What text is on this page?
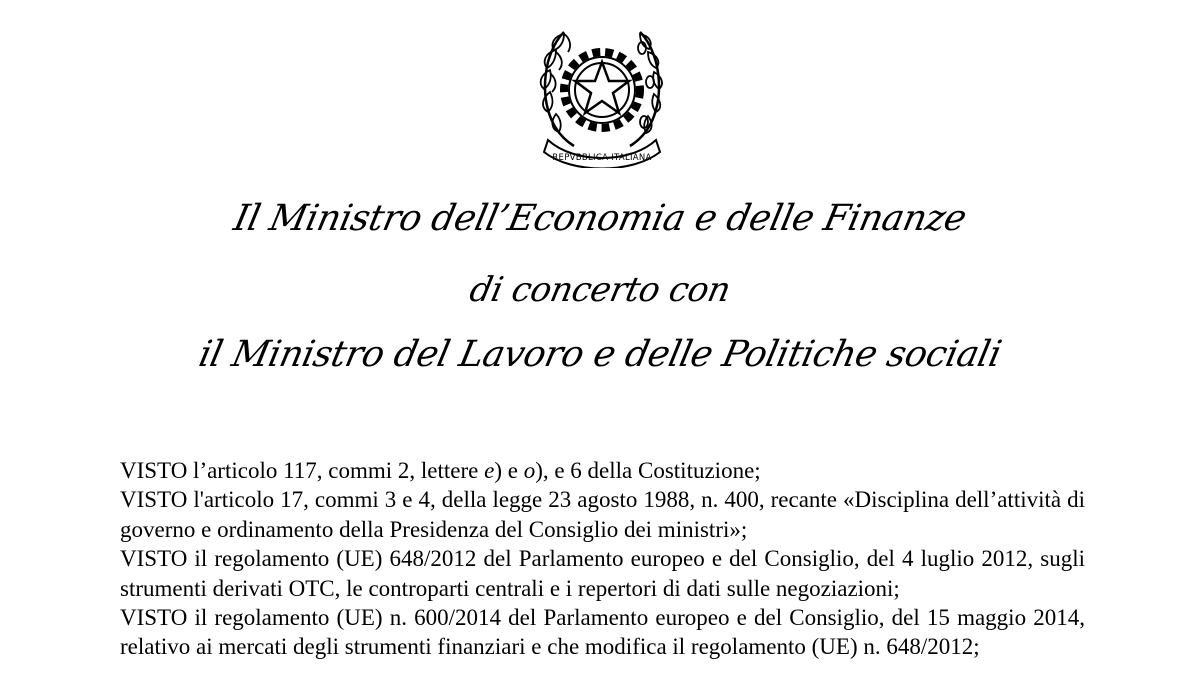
REPVBBLICA ITALIANA
Il Ministro dell’Economia e delle Finanze
di concerto con
il Ministro del Lavoro e delle Politiche sociali

VISTO l’articolo 117, commi 2, lettere e) e o), e 6 della Costituzione;

VISTO l'articolo 17, commi 3 e 4, della legge 23 agosto 1988, n. 400, recante «Disciplina dell’attività di governo e ordinamento della Presidenza del Consiglio dei ministri»;

VISTO il regolamento (UE) 648/2012 del Parlamento europeo e del Consiglio, del 4 luglio 2012, sugli strumenti derivati OTC, le controparti centrali e i repertori di dati sulle negoziazioni;

VISTO il regolamento (UE) n. 600/2014 del Parlamento europeo e del Consiglio, del 15 maggio 2014, relativo ai mercati degli strumenti finanziari e che modifica il regolamento (UE) n. 648/2012;
